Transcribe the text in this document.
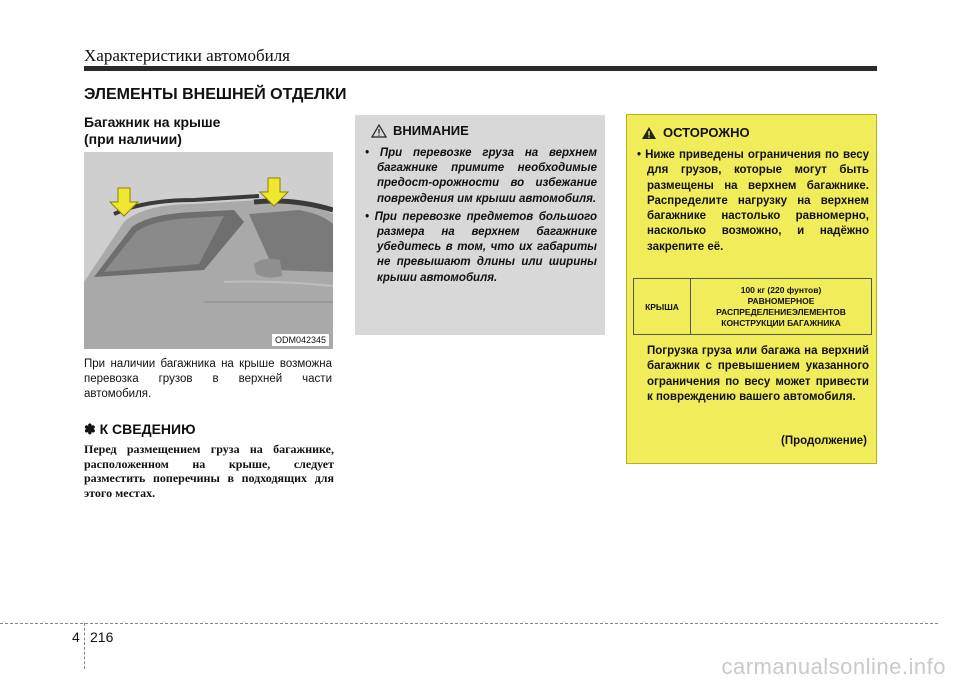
Характеристики автомобиля
ЭЛЕМЕНТЫ ВНЕШНЕЙ ОТДЕЛКИ
Багажник на крыше
(при наличии)
ODM042345
При наличии багажника на крыше возможна перевозка грузов в верхней части автомобиля.
✽ К СВЕДЕНИЮ
Перед размещением груза на багажнике, расположенном на крыше, следует разместить поперечины в подходящих для этого местах.
ВНИМАНИЕ
• При перевозке груза на верхнем багажнике примите необходимые предост-орожности во избежание повреждения им крыши автомобиля.
• При перевозке предметов большого размера на верхнем багажнике убедитесь в том, что их габариты не превышают длины или ширины крыши автомобиля.
ОСТОРОЖНО
• Ниже приведены ограничения по весу для грузов, которые могут быть размещены на верхнем багажнике. Распределите нагрузку на верхнем багажнике настолько равномерно, насколько возможно, и надёжно закрепите её.
КРЫША
100 кг (220 фунтов)
РАВНОМЕРНОЕ
РАСПРЕДЕЛЕНИЕЭЛЕМЕНТОВ
КОНСТРУКЦИИ БАГАЖНИКА
Погрузка груза или багажа на верхний багажник с превышением указанного ограничения по весу может привести к повреждению вашего автомобиля.
(Продолжение)
4 216
carmanualsonline.info
